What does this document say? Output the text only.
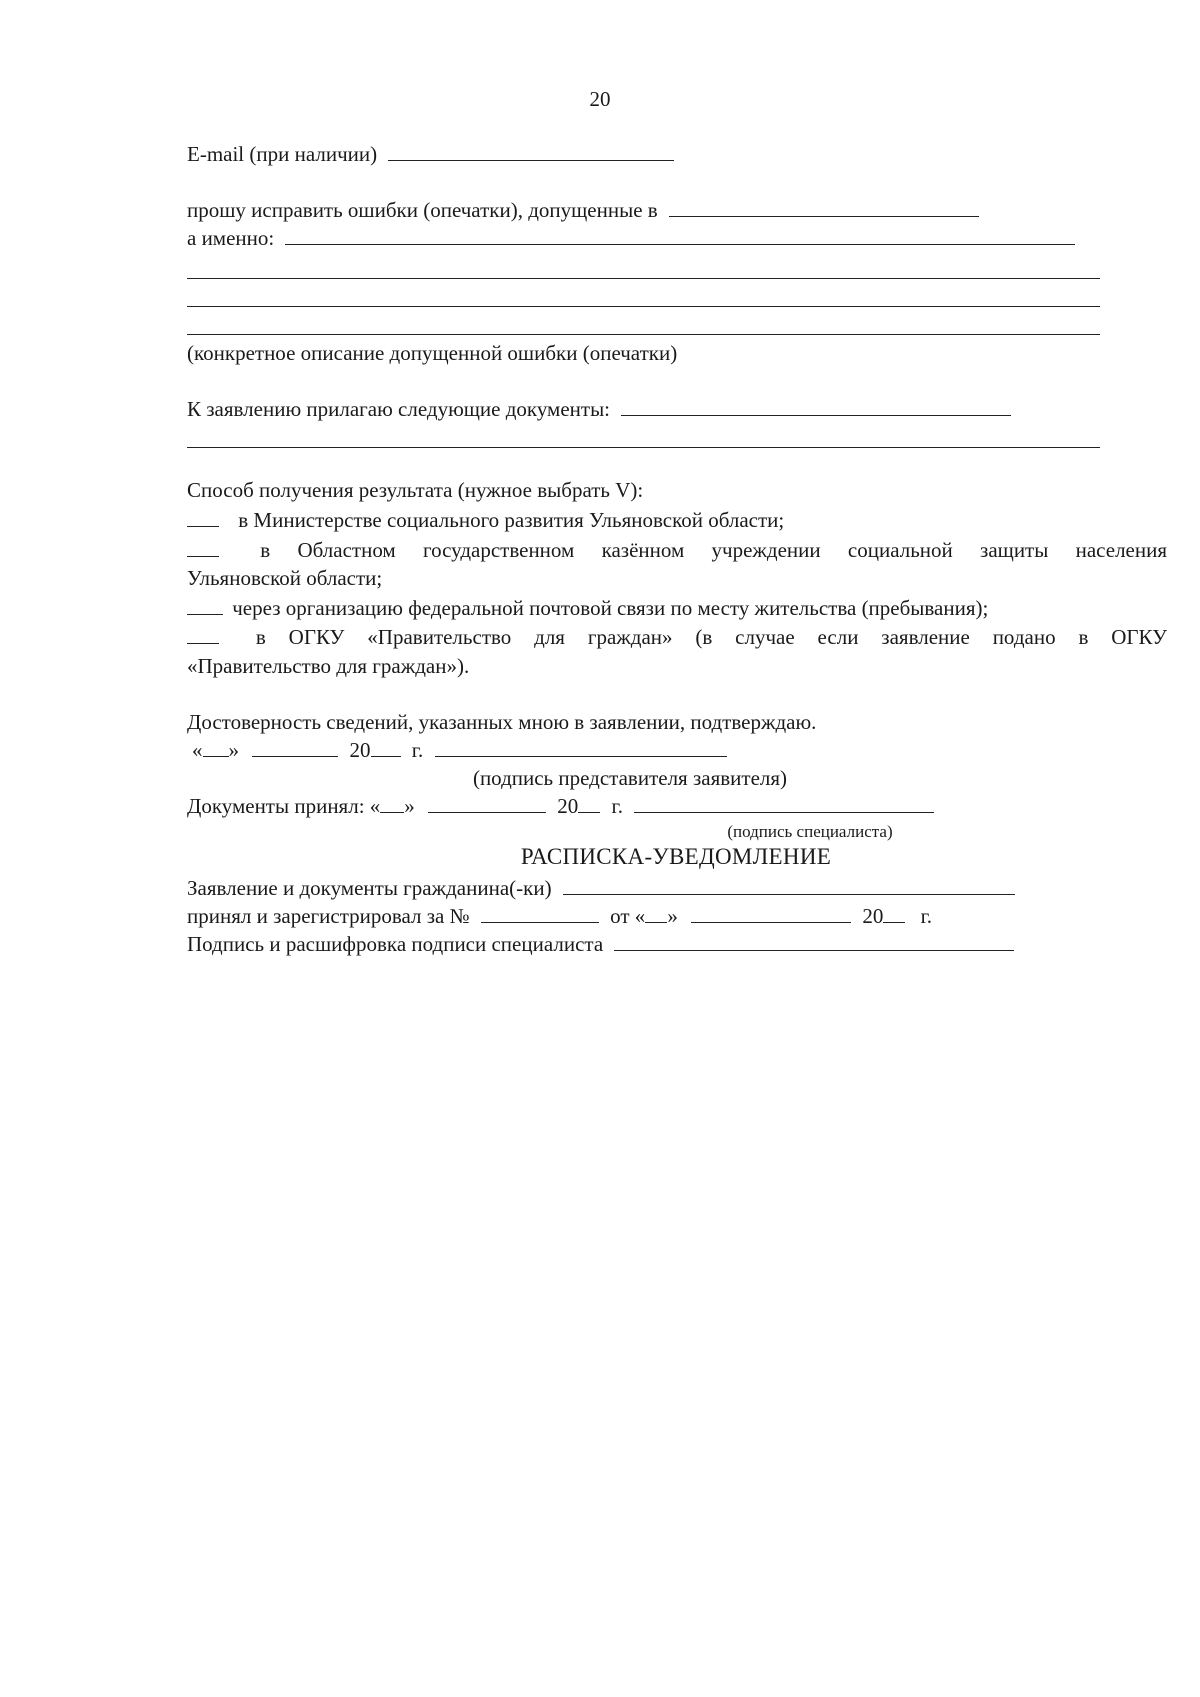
20
E-mail (при наличии)
прошу исправить ошибки (опечатки), допущенные в
а именно:
(конкретное описание допущенной ошибки (опечатки)
К заявлению прилагаю следующие документы:
Способ получения результата (нужное выбрать V):
в Министерстве социального развития Ульяновской области;
в Областном государственном казённом учреждении социальной защиты населения
Ульяновской области;
через организацию федеральной почтовой связи по месту жительства (пребывания);
в ОГКУ «Правительство для граждан» (в случае если заявление подано в ОГКУ
«Правительство для граждан»).
Достоверность сведений, указанных мною в заявлении, подтверждаю.
« »	20 г.
(подпись представителя заявителя)
Документы принял: « »	20 г.
(подпись специалиста)
РАСПИСКА-УВЕДОМЛЕНИЕ
Заявление и документы гражданина(-ки)
принял и зарегистрировал за №	от « »	20 г.
Подпись и расшифровка подписи специалиста
